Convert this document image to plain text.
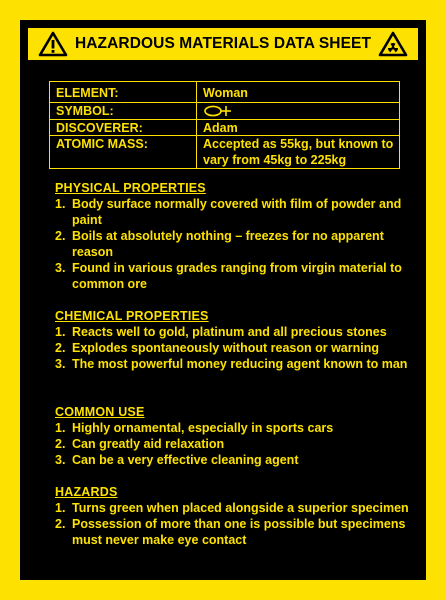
HAZARDOUS MATERIALS DATA SHEET
ELEMENT:	Woman
SYMBOL:
DISCOVERER:	Adam
ATOMIC MASS:	Accepted as 55kg, but known to vary from 45kg to 225kg
PHYSICAL PROPERTIES
1. Body surface normally covered with film of powder and paint
2. Boils at absolutely nothing – freezes for no apparent reason
3. Found in various grades ranging from virgin material to common ore
CHEMICAL PROPERTIES
1. Reacts well to gold, platinum and all precious stones
2. Explodes spontaneously without reason or warning
3. The most powerful money reducing agent known to man
COMMON USE
1. Highly ornamental, especially in sports cars
2. Can greatly aid relaxation
3. Can be a very effective cleaning agent
HAZARDS
1. Turns green when placed alongside a superior specimen
2. Possession of more than one is possible but specimens must never make eye contact
